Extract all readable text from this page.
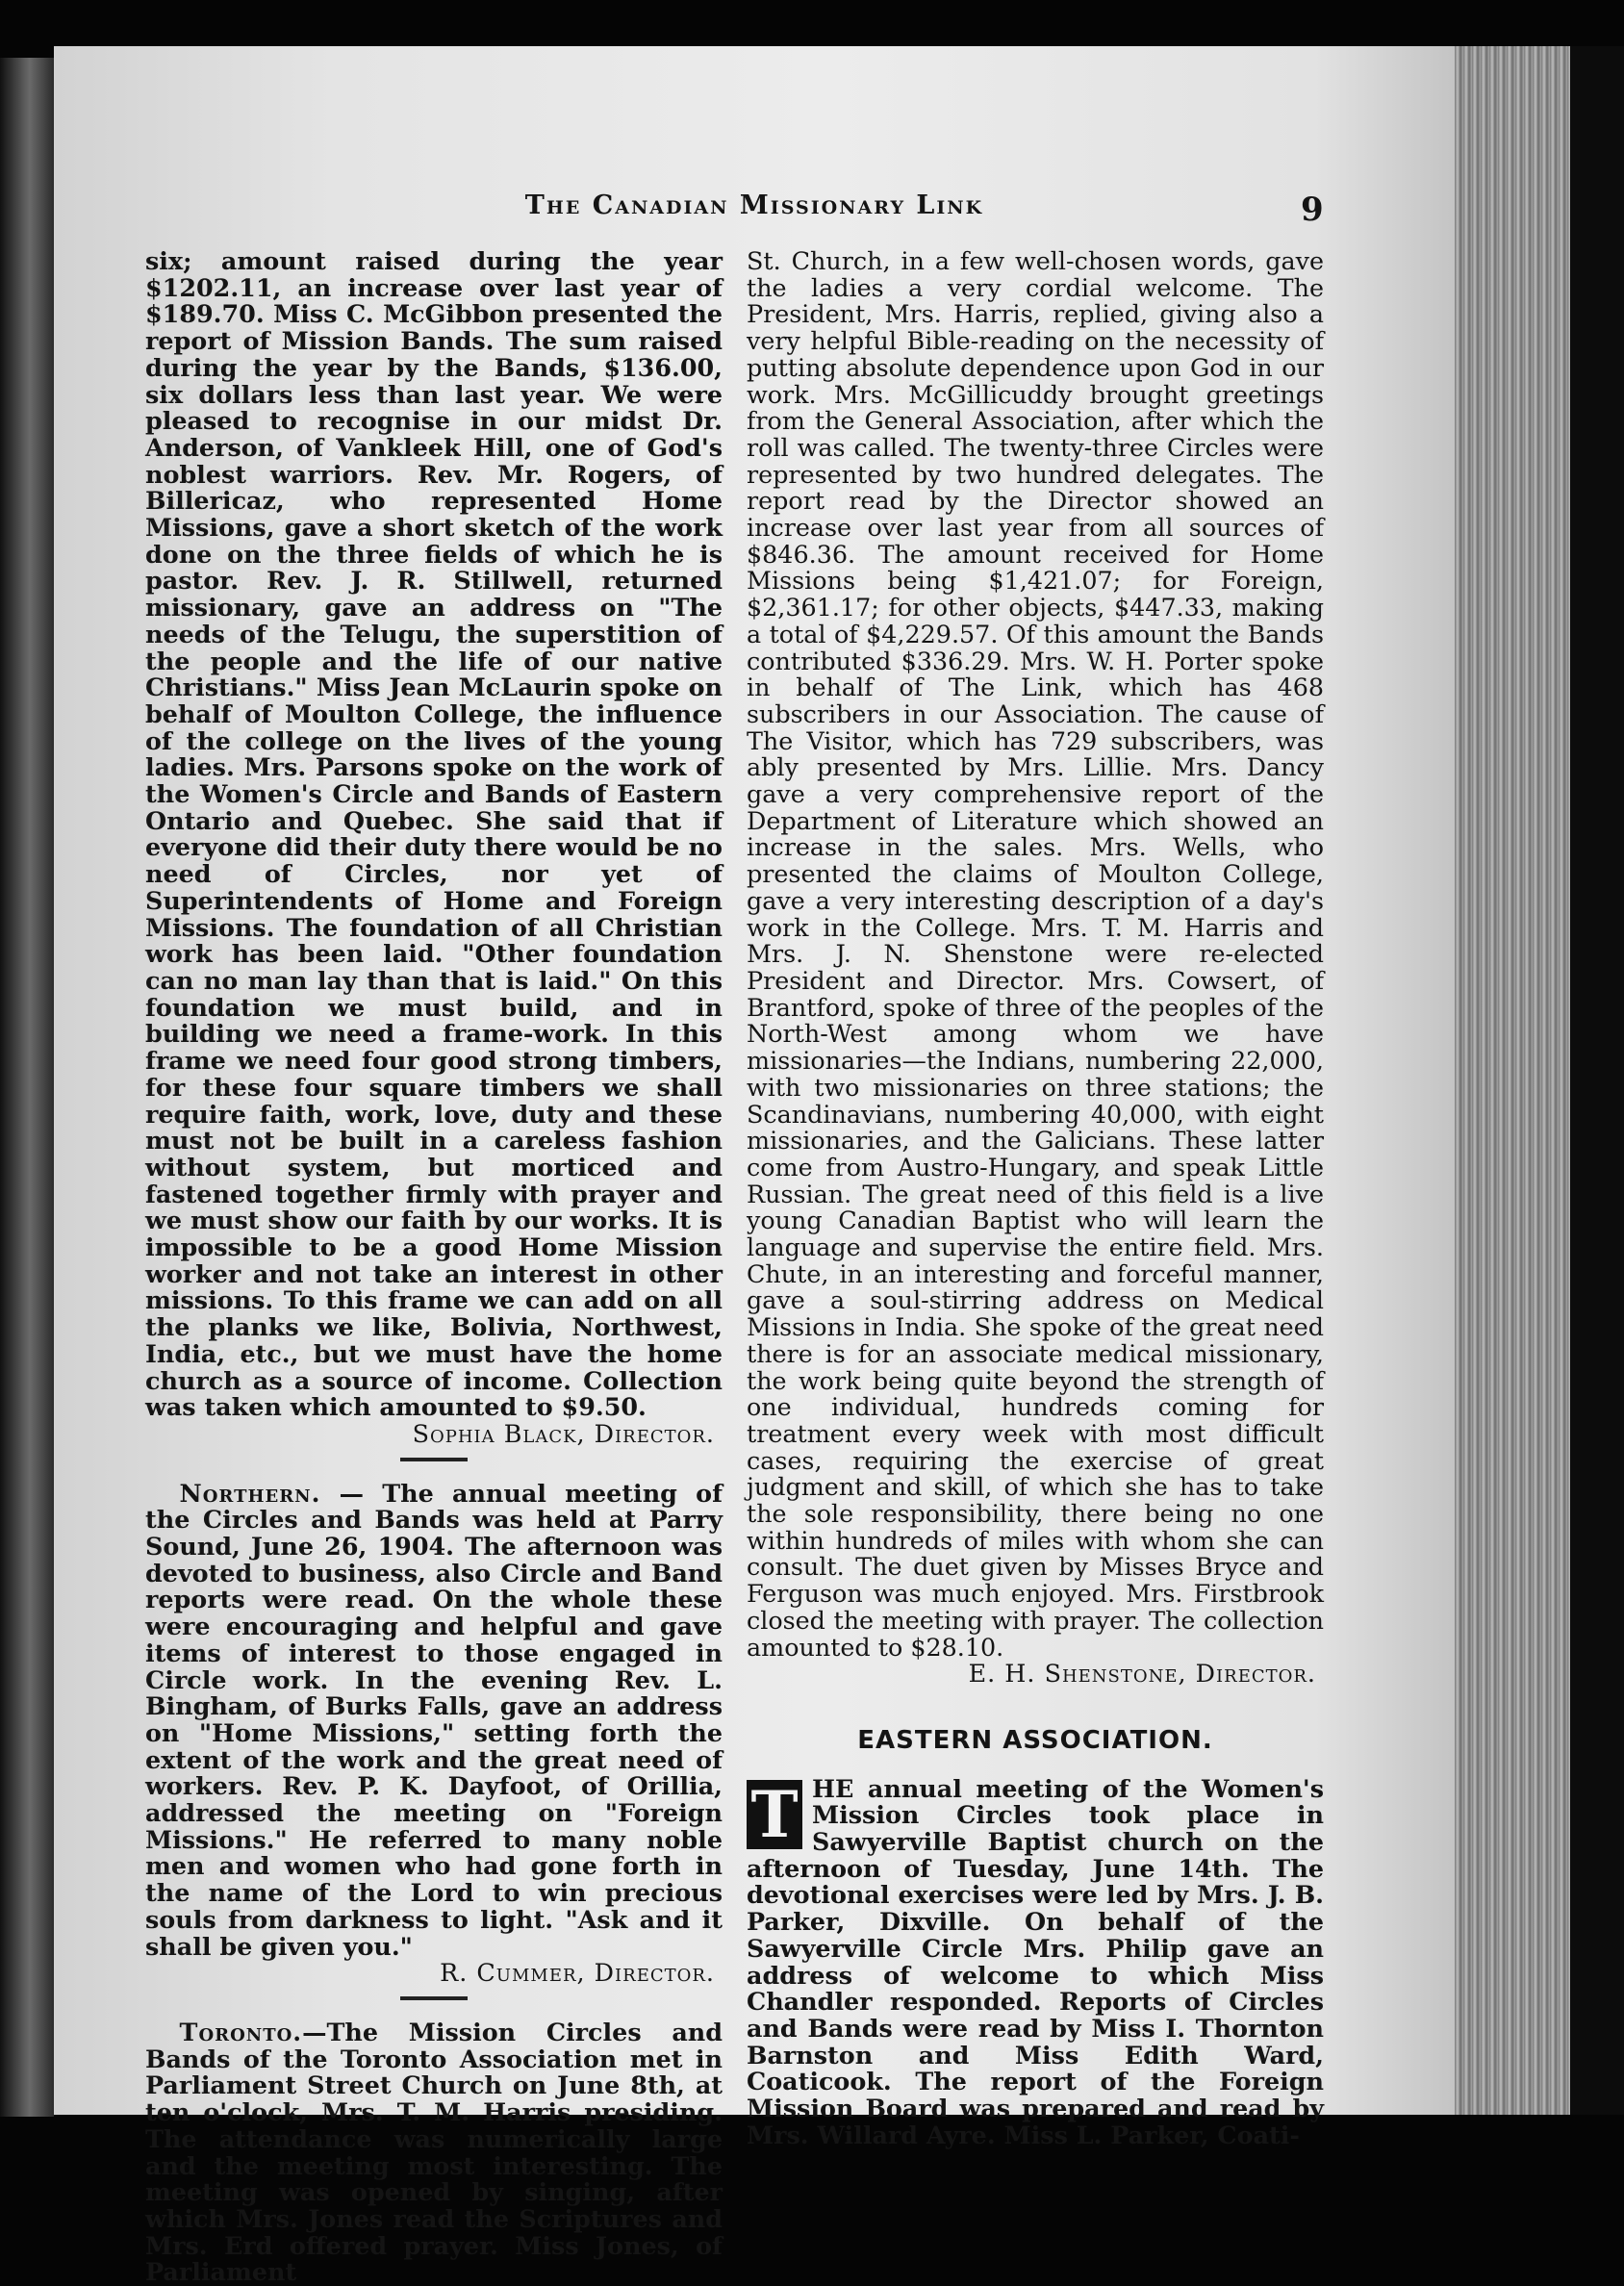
The Canadian Missionary Link	9

six; amount raised during the year $1202.11, an increase over last year of $189.70. Miss C. McGibbon presented the report of Mission Bands. The sum raised during the year by the Bands, $136.00, six dollars less than last year. We were pleased to recognise in our midst Dr. Anderson, of Vankleek Hill, one of God's noblest warriors. Rev. Mr. Rogers, of Billericaz, who represented Home Missions, gave a short sketch of the work done on the three fields of which he is pastor. Rev. J. R. Stillwell, returned missionary, gave an address on "The needs of the Telugu, the superstition of the people and the life of our native Christians." Miss Jean McLaurin spoke on behalf of Moulton College, the influence of the college on the lives of the young ladies. Mrs. Parsons spoke on the work of the Women's Circle and Bands of Eastern Ontario and Quebec. She said that if everyone did their duty there would be no need of Circles, nor yet of Superintendents of Home and Foreign Missions. The foundation of all Christian work has been laid. "Other foundation can no man lay than that is laid." On this foundation we must build, and in building we need a frame-work. In this frame we need four good strong timbers, for these four square timbers we shall require faith, work, love, duty and these must not be built in a careless fashion without system, but morticed and fastened together firmly with prayer and we must show our faith by our works. It is impossible to be a good Home Mission worker and not take an interest in other missions. To this frame we can add on all the planks we like, Bolivia, Northwest, India, etc., but we must have the home church as a source of income. Collection was taken which amounted to $9.50.

Sophia Black, Director.

Northern. — The annual meeting of the Circles and Bands was held at Parry Sound, June 26, 1904. The afternoon was devoted to business, also Circle and Band reports were read. On the whole these were encouraging and helpful and gave items of interest to those engaged in Circle work. In the evening Rev. L. Bingham, of Burks Falls, gave an address on "Home Missions," setting forth the extent of the work and the great need of workers. Rev. P. K. Dayfoot, of Orillia, addressed the meeting on "Foreign Missions." He referred to many noble men and women who had gone forth in the name of the Lord to win precious souls from darkness to light. "Ask and it shall be given you."

R. Cummer, Director.

Toronto.—The Mission Circles and Bands of the Toronto Association met in Parliament Street Church on June 8th, at ten o'clock, Mrs. T. M. Harris presiding. The attendance was numerically large and the meeting most interesting. The meeting was opened by singing, after which Mrs. Jones read the Scriptures and Mrs. Erd offered prayer. Miss Jones, of Parliament

St. Church, in a few well-chosen words, gave the ladies a very cordial welcome. The President, Mrs. Harris, replied, giving also a very helpful Bible-reading on the necessity of putting absolute dependence upon God in our work. Mrs. McGillicuddy brought greetings from the General Association, after which the roll was called. The twenty-three Circles were represented by two hundred delegates. The report read by the Director showed an increase over last year from all sources of $846.36. The amount received for Home Missions being $1,421.07; for Foreign, $2,361.17; for other objects, $447.33, making a total of $4,229.57. Of this amount the Bands contributed $336.29. Mrs. W. H. Porter spoke in behalf of The Link, which has 468 subscribers in our Association. The cause of The Visitor, which has 729 subscribers, was ably presented by Mrs. Lillie. Mrs. Dancy gave a very comprehensive report of the Department of Literature which showed an increase in the sales. Mrs. Wells, who presented the claims of Moulton College, gave a very interesting description of a day's work in the College. Mrs. T. M. Harris and Mrs. J. N. Shenstone were re-elected President and Director. Mrs. Cowsert, of Brantford, spoke of three of the peoples of the North-West among whom we have missionaries—the Indians, numbering 22,000, with two missionaries on three stations; the Scandinavians, numbering 40,000, with eight missionaries, and the Galicians. These latter come from Austro-Hungary, and speak Little Russian. The great need of this field is a live young Canadian Baptist who will learn the language and supervise the entire field. Mrs. Chute, in an interesting and forceful manner, gave a soul-stirring address on Medical Missions in India. She spoke of the great need there is for an associate medical missionary, the work being quite beyond the strength of one individual, hundreds coming for treatment every week with most difficult cases, requiring the exercise of great judgment and skill, of which she has to take the sole responsibility, there being no one within hundreds of miles with whom she can consult. The duet given by Misses Bryce and Ferguson was much enjoyed. Mrs. Firstbrook closed the meeting with prayer. The collection amounted to $28.10.

E. H. Shenstone, Director.
EASTERN ASSOCIATION.
T HE annual meeting of the Women's Mission Circles took place in Sawyerville Baptist church on the afternoon of Tuesday, June 14th. The devotional exercises were led by Mrs. J. B. Parker, Dixville. On behalf of the Sawyerville Circle Mrs. Philip gave an address of welcome to which Miss Chandler responded. Reports of Circles and Bands were read by Miss I. Thornton Barnston and Miss Edith Ward, Coaticook. The report of the Foreign Mission Board was prepared and read by Mrs. Willard Ayre. Miss L. Parker, Coati-
